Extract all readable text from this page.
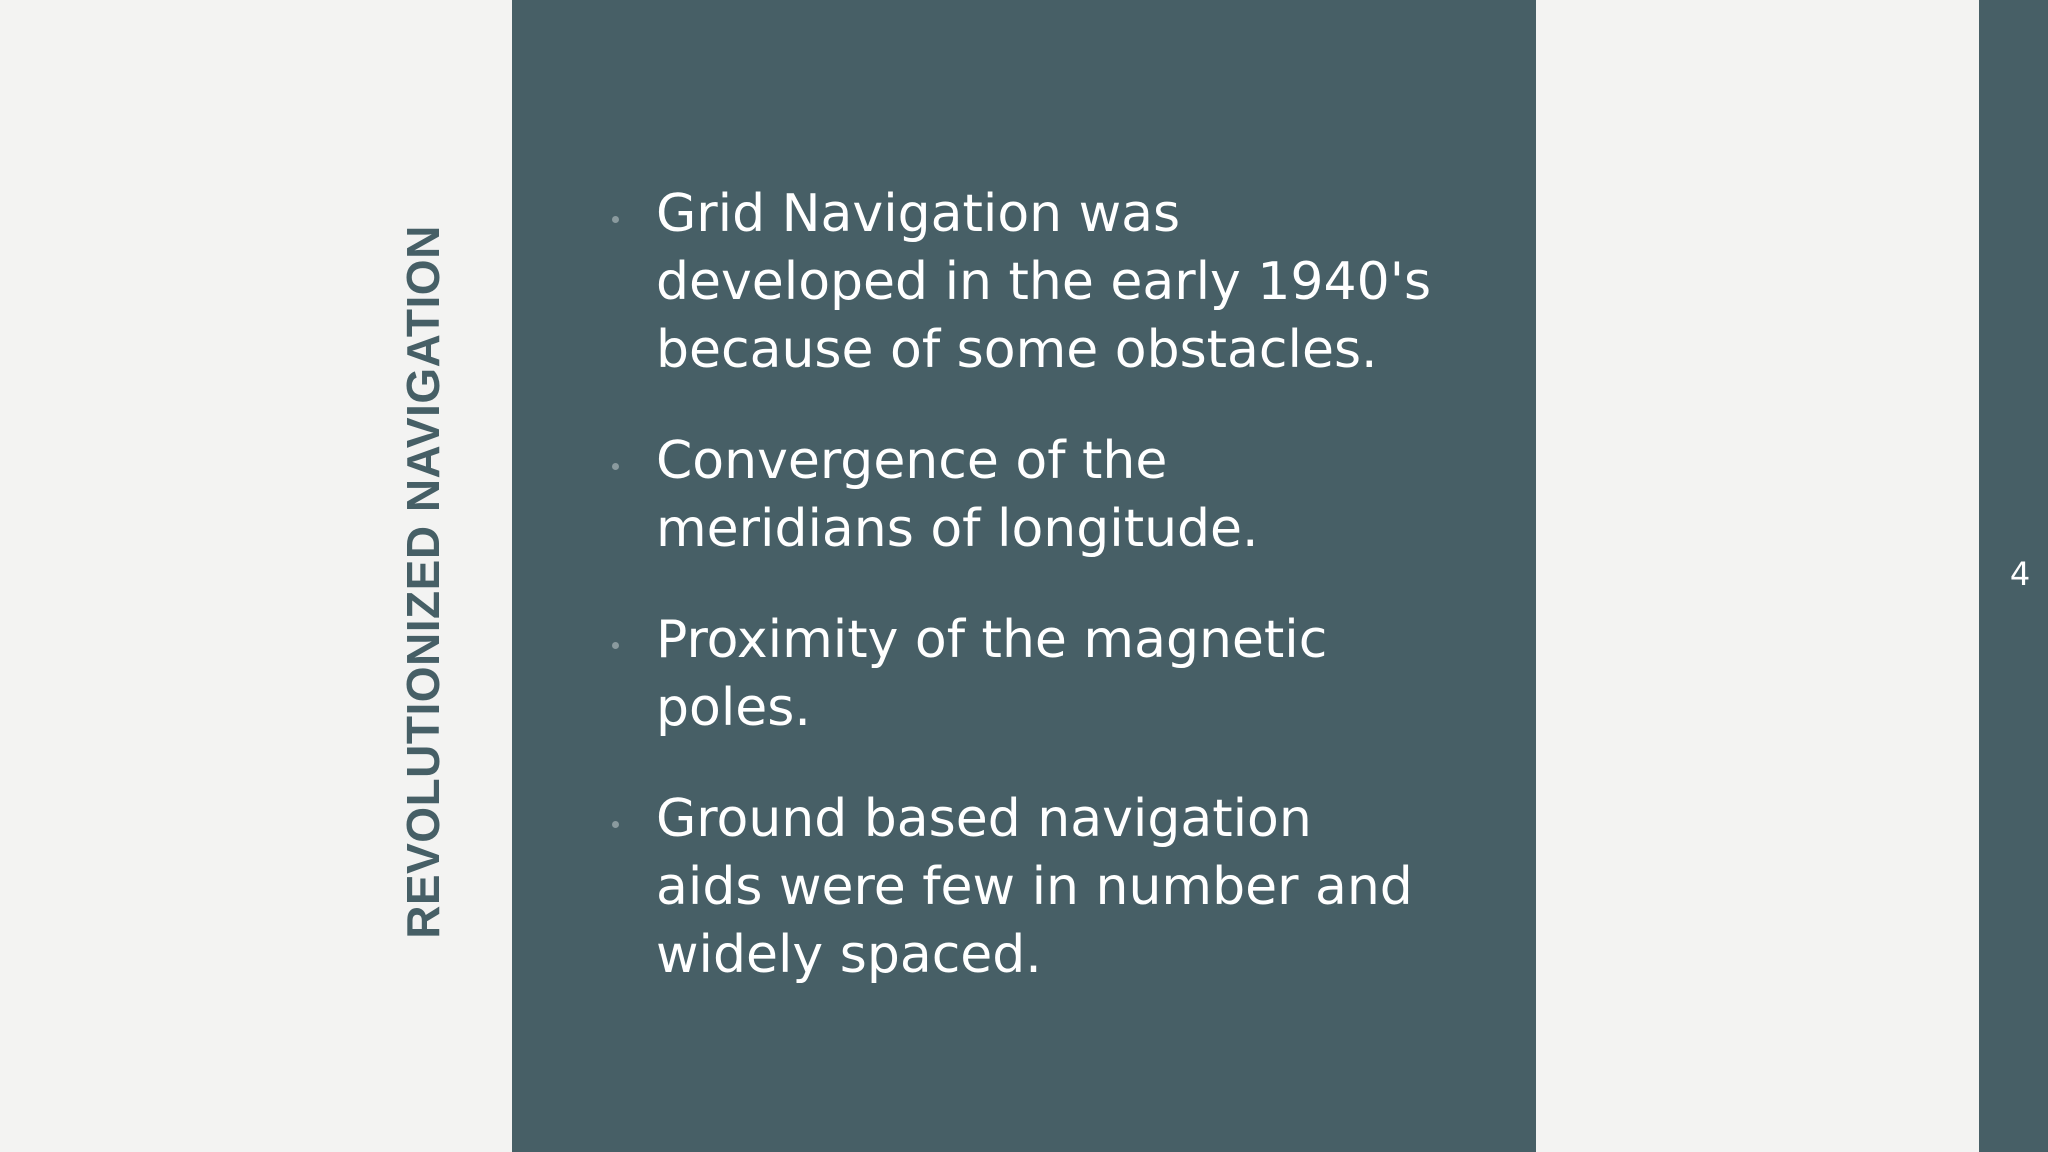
REVOLUTIONIZED NAVIGATION
Grid Navigation was developed in the early 1940's because of some obstacles.
Convergence of the meridians of longitude.
Proximity of the magnetic poles.
Ground based navigation aids were few in number and widely spaced.
4
